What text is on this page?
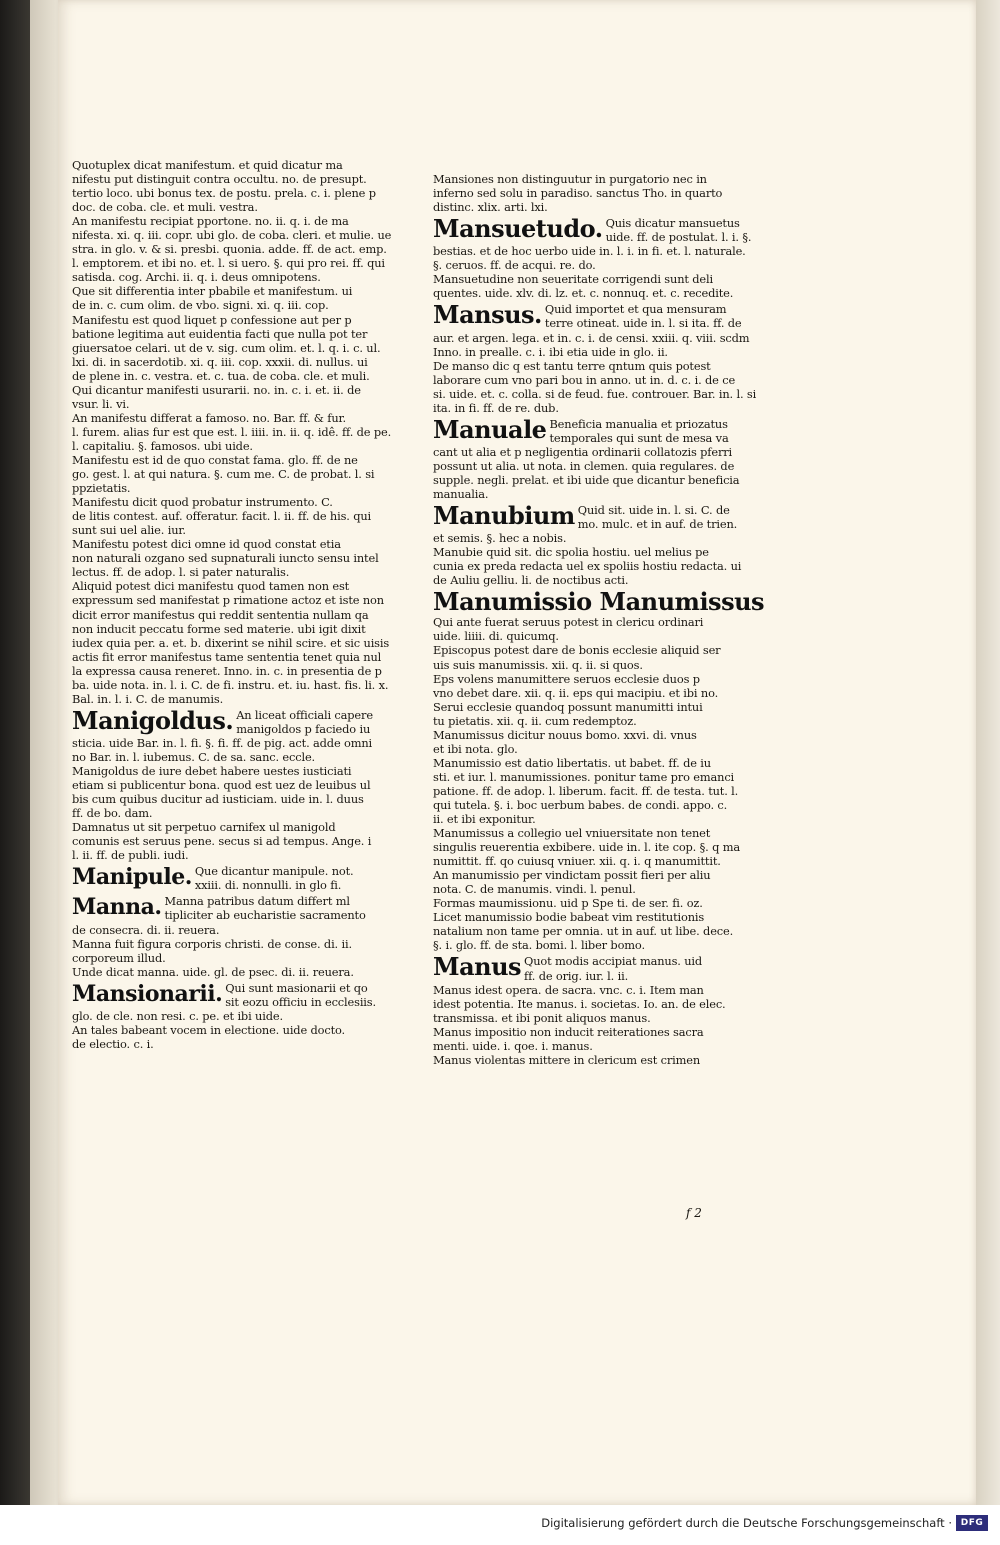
Quotuplex dicat manifestum. et quid dicatur ma
nifestu put distinguit contra occultu. no. de presupt.
tertio loco. ubi bonus tex. de postu. prela. c. i. plene p
doc. de coba. cle. et muli. vestra.
An manifestu recipiat pportone. no. ii. q. i. de ma
nifesta. xi. q. iii. copr. ubi glo. de coba. cleri. et mulie. ue
stra. in glo. v. & si. presbi. quonia. adde. ff. de act. emp.
l. emptorem. et ibi no. et. l. si uero. §. qui pro rei. ff. qui
satisda. cog. Archi. ii. q. i. deus omnipotens.
Que sit differentia inter pbabile et manifestum. ui
de in. c. cum olim. de vbo. signi. xi. q. iii. cop.
Manifestu est quod liquet p confessione aut per p
batione legitima aut euidentia facti que nulla pot ter
giuersatoe celari. ut de v. sig. cum olim. et. l. q. i. c. ul.
lxi. di. in sacerdotib. xi. q. iii. cop. xxxii. di. nullus. ui
de plene in. c. vestra. et. c. tua. de coba. cle. et muli.
Qui dicantur manifesti usurarii. no. in. c. i. et. ii. de
vsur. li. vi.
An manifestu differat a famoso. no. Bar. ff. & fur.
l. furem. alias fur est que est. l. iiii. in. ii. q. idê. ff. de pe.
l. capitaliu. §. famosos. ubi uide.
Manifestu est id de quo constat fama. glo. ff. de ne
go. gest. l. at qui natura. §. cum me. C. de probat. l. si
ppzietatis.
Manifestu dicit quod probatur instrumento. C.
de litis contest. auf. offeratur. facit. l. ii. ff. de his. qui
sunt sui uel alie. iur.
Manifestu potest dici omne id quod constat etia
non naturali ozgano sed supnaturali iuncto sensu intel
lectus. ff. de adop. l. si pater naturalis.
Aliquid potest dici manifestu quod tamen non est
expressum sed manifestat p rimatione actoz et iste non
dicit error manifestus qui reddit sententia nullam qa
non inducit peccatu forme sed materie. ubi igit dixit
iudex quia per. a. et. b. dixerint se nihil scire. et sic uisis
actis fit error manifestus tame sententia tenet quia nul
la expressa causa reneret. Inno. in. c. in presentia de p
ba. uide nota. in. l. i. C. de fi. instru. et. iu. hast. fis. li. x.
Bal. in. l. i. C. de manumis.
Manigoldus. An liceat officiali capere
manigoldos p faciedo iu
sticia. uide Bar. in. l. fi. §. fi. ff. de pig. act. adde omni
no Bar. in. l. iubemus. C. de sa. sanc. eccle.
Manigoldus de iure debet habere uestes iusticiati
etiam si publicentur bona. quod est uez de leuibus ul
bis cum quibus ducitur ad iusticiam. uide in. l. duus
ff. de bo. dam.
Damnatus ut sit perpetuo carnifex ul manigold
comunis est seruus pene. secus si ad tempus. Ange. i
l. ii. ff. de publi. iudi.
Manipule. Que dicantur manipule. not.
xxiii. di. nonnulli. in glo fi.
Manna. Manna patribus datum differt ml
tipliciter ab eucharistie sacramento
de consecra. di. ii. reuera.
Manna fuit figura corporis christi. de conse. di. ii.
corporeum illud.
Unde dicat manna. uide. gl. de psec. di. ii. reuera.
Mansionarii. Qui sunt masionarii et qo
sit eozu officiu in ecclesiis.
glo. de cle. non resi. c. pe. et ibi uide.
An tales babeant vocem in electione. uide docto.
de electio. c. i.
Mansiones non distinguutur in purgatorio nec in
inferno sed solu in paradiso. sanctus Tho. in quarto
distinc. xlix. arti. lxi.
Mansuetudo. Quis dicatur mansuetus
uide. ff. de postulat. l. i. §.
bestias. et de hoc uerbo uide in. l. i. in fi. et. l. naturale.
§. ceruos. ff. de acqui. re. do.
Mansuetudine non seueritate corrigendi sunt deli
quentes. uide. xlv. di. lz. et. c. nonnuq. et. c. recedite.
Mansus. Quid importet et qua mensuram
terre otineat. uide in. l. si ita. ff. de
aur. et argen. lega. et in. c. i. de censi. xxiii. q. viii. scdm
Inno. in prealle. c. i. ibi etia uide in glo. ii.
De manso dic q est tantu terre qntum quis potest
laborare cum vno pari bou in anno. ut in. d. c. i. de ce
si. uide. et. c. colla. si de feud. fue. controuer. Bar. in. l. si
ita. in fi. ff. de re. dub.
Manuale Beneficia manualia et priozatus
temporales qui sunt de mesa va
cant ut alia et p negligentia ordinarii collatozis pferri
possunt ut alia. ut nota. in clemen. quia regulares. de
supple. negli. prelat. et ibi uide que dicantur beneficia
manualia.
Manubium Quid sit. uide in. l. si. C. de
mo. mulc. et in auf. de trien.
et semis. §. hec a nobis.
Manubie quid sit. dic spolia hostiu. uel melius pe
cunia ex preda redacta uel ex spoliis hostiu redacta. ui
de Auliu gelliu. li. de noctibus acti.
Manumissio Manumissus
Qui ante fuerat seruus potest in clericu ordinari
uide. liiii. di. quicumq.
Episcopus potest dare de bonis ecclesie aliquid ser
uis suis manumissis. xii. q. ii. si quos.
Eps volens manumittere seruos ecclesie duos p
vno debet dare. xii. q. ii. eps qui macipiu. et ibi no.
Serui ecclesie quandoq possunt manumitti intui
tu pietatis. xii. q. ii. cum redemptoz.
Manumissus dicitur nouus bomo. xxvi. di. vnus
et ibi nota. glo.
Manumissio est datio libertatis. ut babet. ff. de iu
sti. et iur. l. manumissiones. ponitur tame pro emanci
patione. ff. de adop. l. liberum. facit. ff. de testa. tut. l.
qui tutela. §. i. boc uerbum babes. de condi. appo. c.
ii. et ibi exponitur.
Manumissus a collegio uel vniuersitate non tenet
singulis reuerentia exbibere. uide in. l. ite cop. §. q ma
numittit. ff. qo cuiusq vniuer. xii. q. i. q manumittit.
An manumissio per vindictam possit fieri per aliu
nota. C. de manumis. vindi. l. penul.
Formas maumissionu. uid p Spe ti. de ser. fi. oz.
Licet manumissio bodie babeat vim restitutionis
natalium non tame per omnia. ut in auf. ut libe. dece.
§. i. glo. ff. de sta. bomi. l. liber bomo.
Manus Quot modis accipiat manus. uid
ff. de orig. iur. l. ii.
Manus idest opera. de sacra. vnc. c. i. Item man
idest potentia. Ite manus. i. societas. Io. an. de elec.
transmissa. et ibi ponit aliquos manus.
Manus impositio non inducit reiterationes sacra
menti. uide. i. qoe. i. manus.
Manus violentas mittere in clericum est crimen
f 2
Digitalisierung gefördert durch die Deutsche Forschungsgemeinschaft · DFG
